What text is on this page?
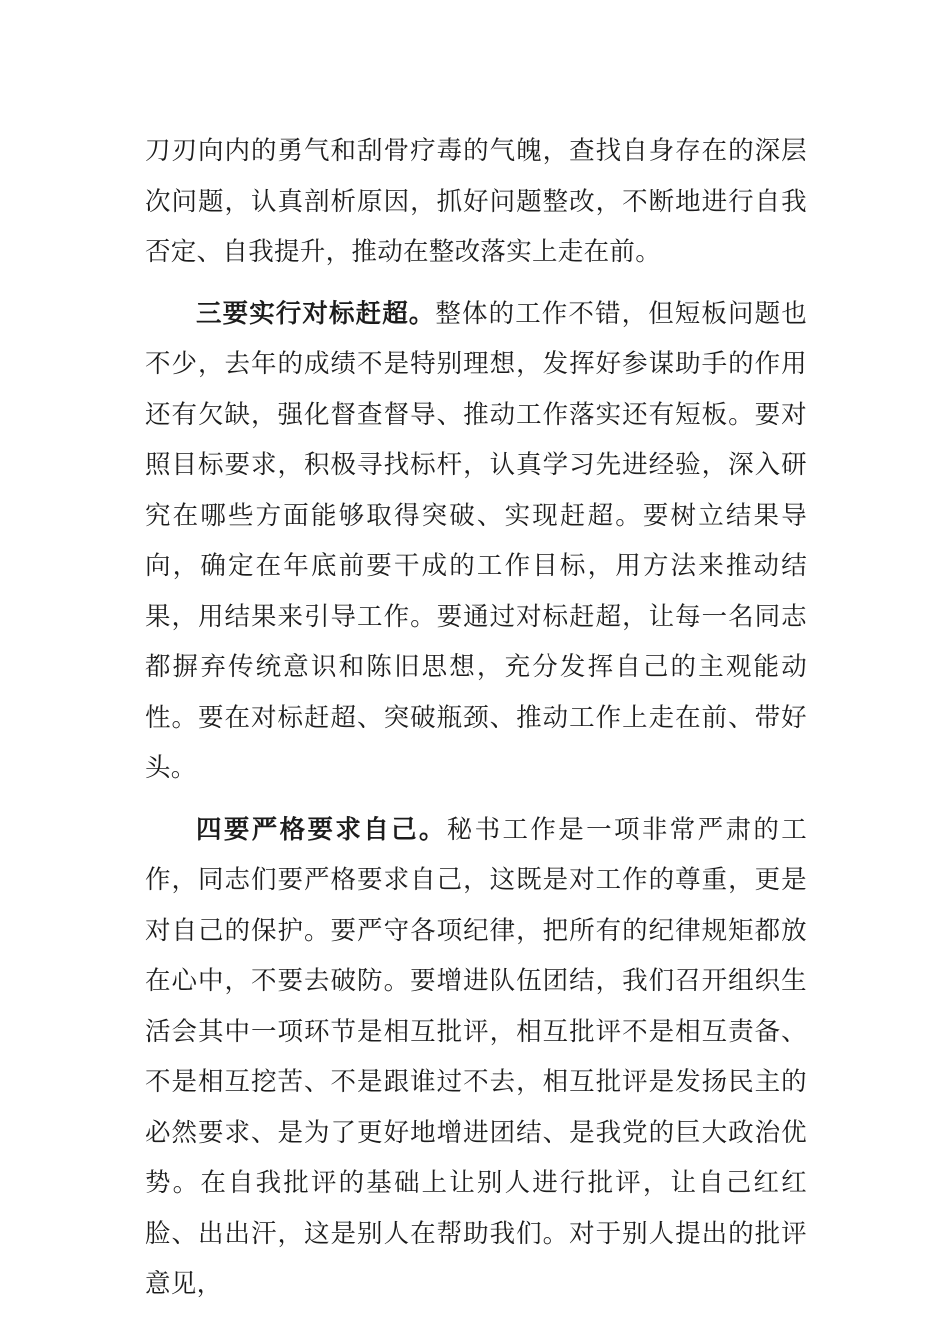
刀刃向内的勇气和刮骨疗毒的气魄，查找自身存在的深层次问题，认真剖析原因，抓好问题整改，不断地进行自我否定、自我提升，推动在整改落实上走在前。

三要实行对标赶超。整体的工作不错，但短板问题也不少，去年的成绩不是特别理想，发挥好参谋助手的作用还有欠缺，强化督查督导、推动工作落实还有短板。要对照目标要求，积极寻找标杆，认真学习先进经验，深入研究在哪些方面能够取得突破、实现赶超。要树立结果导向，确定在年底前要干成的工作目标，用方法来推动结果，用结果来引导工作。要通过对标赶超，让每一名同志都摒弃传统意识和陈旧思想，充分发挥自己的主观能动性。要在对标赶超、突破瓶颈、推动工作上走在前、带好头。

四要严格要求自己。秘书工作是一项非常严肃的工作，同志们要严格要求自己，这既是对工作的尊重，更是对自己的保护。要严守各项纪律，把所有的纪律规矩都放在心中，不要去破防。要增进队伍团结，我们召开组织生活会其中一项环节是相互批评，相互批评不是相互责备、不是相互挖苦、不是跟谁过不去，相互批评是发扬民主的必然要求、是为了更好地增进团结、是我党的巨大政治优势。在自我批评的基础上让别人进行批评，让自己红红脸、出出汗，这是别人在帮助我们。对于别人提出的批评意见，
